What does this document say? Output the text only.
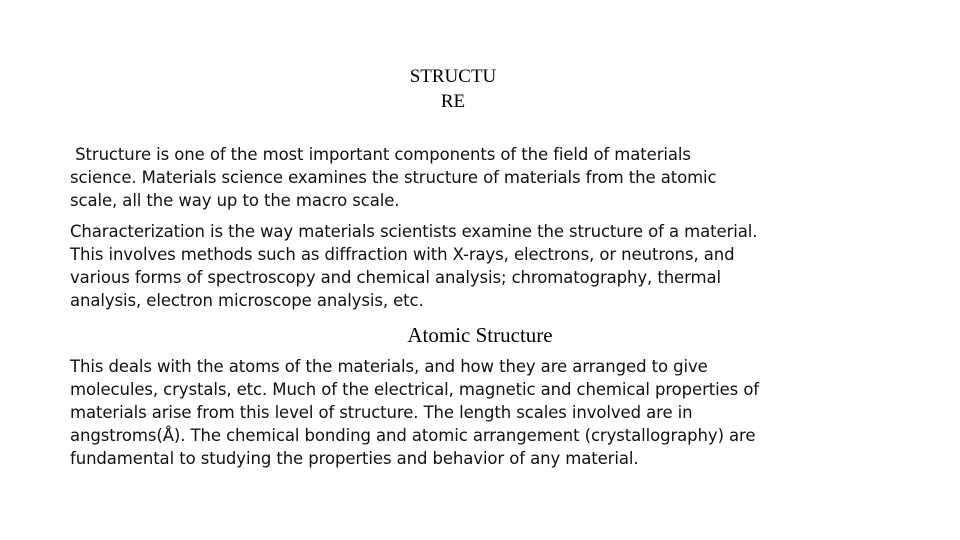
STRUCTU
RE
Structure is one of the most important components of the field of materials
science. Materials science examines the structure of materials from the atomic
scale, all the way up to the macro scale.
Characterization is the way materials scientists examine the structure of a material.
This involves methods such as diffraction with X-rays, electrons, or neutrons, and
various forms of spectroscopy and chemical analysis; chromatography, thermal
analysis, electron microscope analysis, etc.
Atomic Structure
This deals with the atoms of the materials, and how they are arranged to give
molecules, crystals, etc. Much of the electrical, magnetic and chemical properties of
materials arise from this level of structure. The length scales involved are in
angstroms(Å). The chemical bonding and atomic arrangement (crystallography) are
fundamental to studying the properties and behavior of any material.
